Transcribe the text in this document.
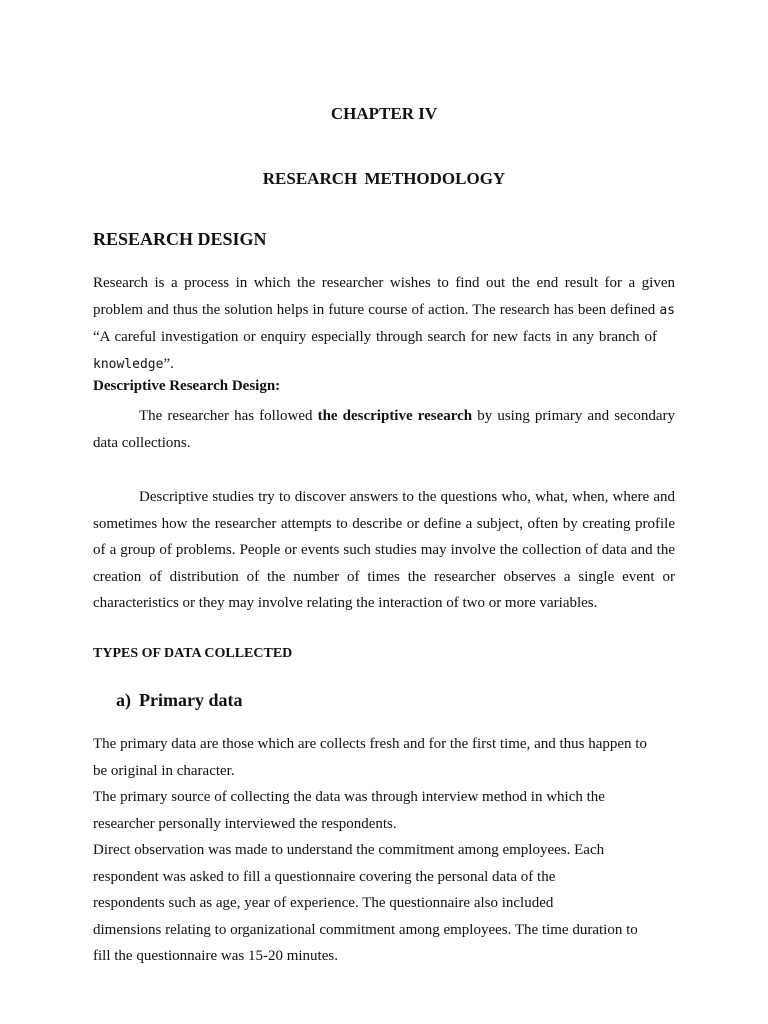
CHAPTER IV
RESEARCH METHODOLOGY
RESEARCH DESIGN
Research is a process in which the researcher wishes to find out the end result for a given problem and thus the solution helps in future course of action. The research has been defined as “A careful investigation or enquiry especially through search for new facts in any branch ofknowledge”.
Descriptive Research Design:
The researcher has followed the descriptive research by using primary and secondary data collections.
Descriptive studies try to discover answers to the questions who, what, when, where and sometimes how the researcher attempts to describe or define a subject, often by creating profile of a group of problems. People or events such studies may involve the collection of data and the creation of distribution of the number of times the researcher observes a single event or characteristics or they may involve relating the interaction of two or more variables.
TYPES OF DATA COLLECTED
a) Primary data
The primary data are those which are collects fresh and for the first time, and thus happen to
be original in character.
The primary source of collecting the data was through interview method in which the
researcher personally interviewed the respondents.
Direct observation was made to understand the commitment among employees. Each
respondent was asked to fill a questionnaire covering the personal data of the
respondents such as age, year of experience. The questionnaire also included
dimensions relating to organizational commitment among employees. The time duration to
fill the questionnaire was 15-20 minutes.
